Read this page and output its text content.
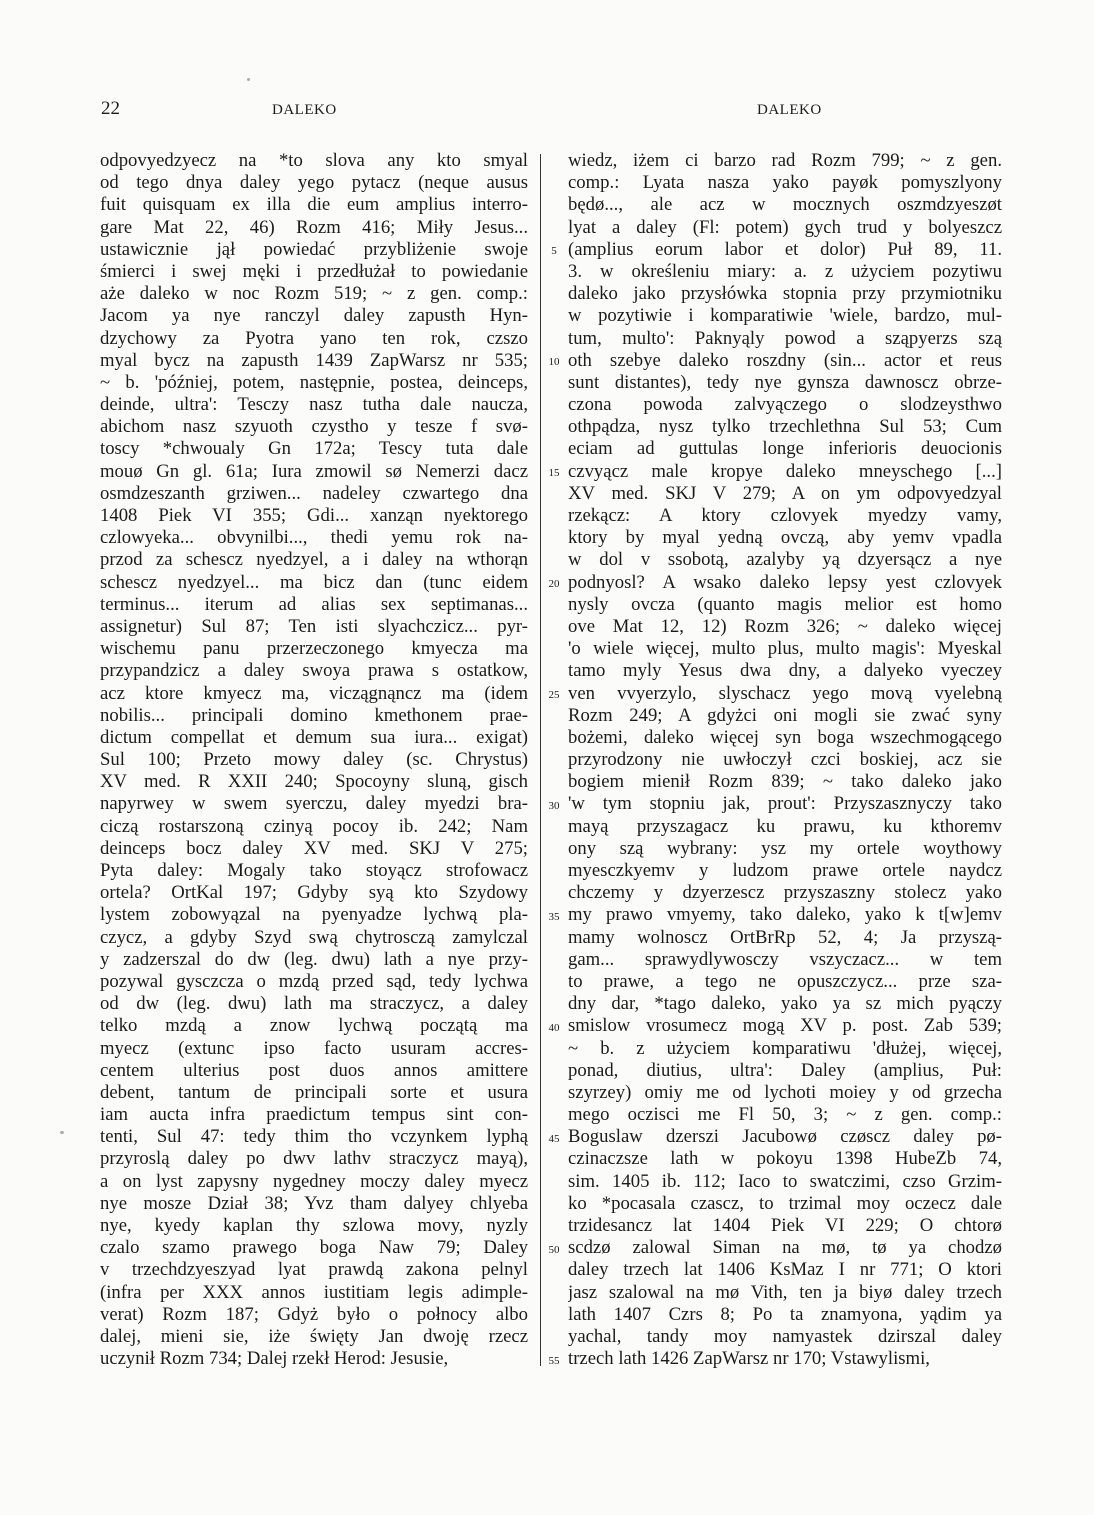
22	DALEKO	DALEKO
odpovyedzyecz na *to slova any kto smyal
od tego dnya daley yego pytacz (neque ausus
fuit quisquam ex illa die eum amplius interro-
gare Mat 22, 46) Rozm 416; Miły Jesus...
ustawicznie jął powiedać przybliżenie swoje
śmierci i swej męki i przedłużał to powiedanie
aże daleko w noc Rozm 519; ~ z gen. comp.:
Jacom ya nye ranczyl daley zapusth Hyn-
dzychowy za Pyotra yano ten rok, czszo
myal bycz na zapusth 1439 ZapWarsz nr 535;
~ b. 'później, potem, następnie, postea, deinceps,
deinde, ultra': Tesczy nasz tutha dale naucza,
abichom nasz szyuoth czystho y tesze f svø-
toscy *chwoualy Gn 172a; Tescy tuta dale
mouø Gn gl. 61a; Iura zmowil sø Nemerzi dacz
osmdzeszanth grziwen... nadeley czwartego dna
1408 Piek VI 355; Gdi... xanząn nyektorego
czlowyeka... obvynilbi..., thedi yemu rok na-
przod za schescz nyedzyel, a i daley na wthorąn
schescz nyedzyel... ma bicz dan (tunc eidem
terminus... iterum ad alias sex septimanas...
assignetur) Sul 87; Ten isti slyachczicz... pyr-
wischemu panu przerzeczonego kmyecza ma
przypandzicz a daley swoya prawa s ostatkow,
acz ktore kmyecz ma, viczągnąncz ma (idem
nobilis... principali domino kmethonem prae-
dictum compellat et demum sua iura... exigat)
Sul 100; Przeto mowy daley (sc. Chrystus)
XV med. R XXII 240; Spocoyny sluną, gisch
napyrwey w swem syerczu, daley myedzi bra-
ciczą rostarszoną czinyą pocoy ib. 242; Nam
deinceps bocz daley XV med. SKJ V 275;
Pyta daley: Mogaly tako stoyącz strofowacz
ortela? OrtKal 197; Gdyby syą kto Szydowy
lystem zobowyązal na pyenyadze lychwą pla-
czycz, a gdyby Szyd swą chytrosczą zamylczal
y zadzerszal do dw (leg. dwu) lath a nye przy-
pozywal gysczcza o mzdą przed sąd, tedy lychwa
od dw (leg. dwu) lath ma straczycz, a daley
telko mzdą a znow lychwą początą ma
myecz (extunc ipso facto usuram accres-
centem ulterius post duos annos amittere
debent, tantum de principali sorte et usura
iam aucta infra praedictum tempus sint con-
tenti, Sul 47: tedy thim tho vczynkem lyphą
przyroslą daley po dwv lathv straczycz mayą),
a on lyst zapysny nygedney moczy daley myecz
nye mosze Dział 38; Yvz tham dalyey chlyeba
nye, kyedy kaplan thy szlowa movy, nyzly
czalo szamo prawego boga Naw 79; Daley
v trzechdzyeszyad lyat prawdą zakona pelnyl
(infra per XXX annos iustitiam legis adimple-
verat) Rozm 187; Gdyż było o połnocy albo
dalej, mieni sie, iże święty Jan dwoję rzecz
uczynił Rozm 734; Dalej rzekł Herod: Jesusie,
5
10
15
20
25
30
35
40
45
50
55
wiedz, iżem ci barzo rad Rozm 799; ~ z gen.
comp.: Lyata nasza yako payøk pomyszlyony
będø..., ale acz w mocznych oszmdzyeszøt
lyat a daley (Fl: potem) gych trud y bolyeszcz
(amplius eorum labor et dolor) Puł 89, 11.
3. w określeniu miary: a. z użyciem pozytiwu
daleko jako przysłówka stopnia przy przymiotniku
w pozytiwie i komparatiwie 'wiele, bardzo, mul-
tum, multo': Paknyąly powod a sząpyerzs szą
oth szebye daleko roszdny (sin... actor et reus
sunt distantes), tedy nye gynsza dawnoscz obrze-
czona powoda zalvyączego o slodzeysthwo
othpądza, nysz tylko trzechlethna Sul 53; Cum
eciam ad guttulas longe inferioris deuocionis
czvyącz male kropye daleko mneyschego [...]
XV med. SKJ V 279; A on ym odpovyedzyal
rzekącz: A ktory czlovyek myedzy vamy,
ktory by myal yedną ovczą, aby yemv vpadla
w dol v ssobotą, azalyby yą dzyersącz a nye
podnyosl? A wsako daleko lepsy yest czlovyek
nysly ovcza (quanto magis melior est homo
ove Mat 12, 12) Rozm 326; ~ daleko więcej
'o wiele więcej, multo plus, multo magis': Myeskal
tamo myly Yesus dwa dny, a dalyeko vyeczey
ven vvyerzylo, slyschacz yego movą vyelebną
Rozm 249; A gdyżci oni mogli sie zwać syny
bożemi, daleko więcej syn boga wszechmogącego
przyrodzony nie uwłoczył czci boskiej, acz sie
bogiem mienił Rozm 839; ~ tako daleko jako
'w tym stopniu jak, prout': Przyszasznyczy tako
mayą przyszagacz ku prawu, ku kthoremv
ony szą wybrany: ysz my ortele woythowy
myesczkyemv y ludzom prawe ortele naydcz
chczemy y dzyerzescz przyszaszny stolecz yako
my prawo vmyemy, tako daleko, yako k t[w]emv
mamy wolnoscz OrtBrRp 52, 4; Ja przyszą-
gam... sprawydlywosczy vszyczacz... w tem
to prawe, a tego ne opuszczycz... prze sza-
dny dar, *tago daleko, yako ya sz mich pyączy
smislow vrosumecz mogą XV p. post. Zab 539;
~ b. z użyciem komparatiwu 'dłużej, więcej,
ponad, diutius, ultra': Daley (amplius, Puł:
szyrzey) omiy me od lychoti moiey y od grzecha
mego oczisci me Fl 50, 3; ~ z gen. comp.:
Boguslaw dzerszi Jacubowø czøscz daley pø-
czinaczsze lath w pokoyu 1398 HubeZb 74,
sim. 1405 ib. 112; Iaco to swatczimi, czso Grzim-
ko *pocasala czascz, to trzimal moy oczecz dale
trzidesancz lat 1404 Piek VI 229; O chtorø
scdzø zalowal Siman na mø, tø ya chodzø
daley trzech lat 1406 KsMaz I nr 771; O ktori
jasz szalowal na mø Vith, ten ja biyø daley trzech
lath 1407 Czrs 8; Po ta znamyona, yądim ya
yachal, tandy moy namyastek dzirszal daley
trzech lath 1426 ZapWarsz nr 170; Vstawylismi,
